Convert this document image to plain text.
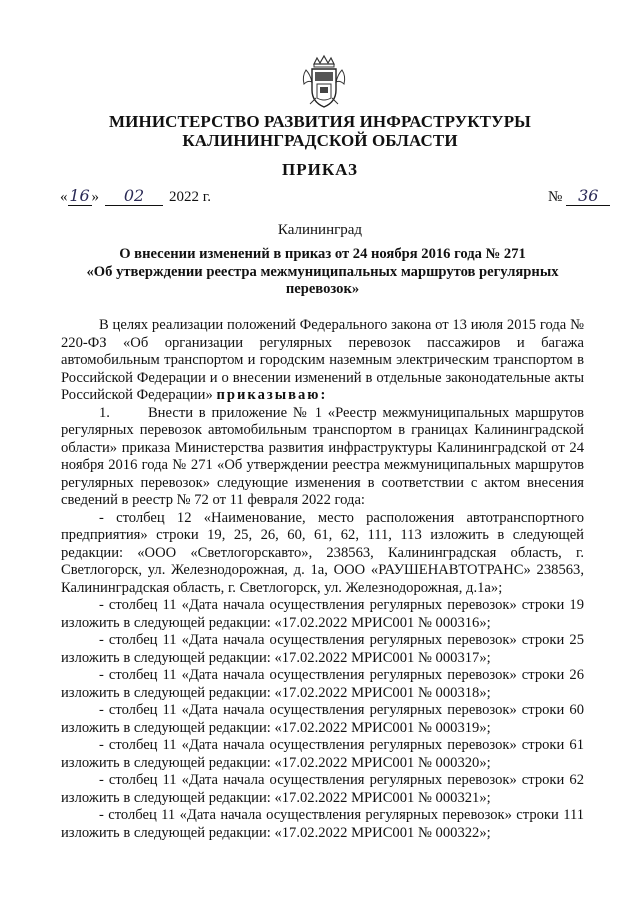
МИНИСТЕРСТВО РАЗВИТИЯ ИНФРАСТРУКТУРЫ
КАЛИНИНГРАДСКОЙ ОБЛАСТИ
ПРИКАЗ
« 16 » 02 2022 г.	№ 36
Калининград
О внесении изменений в приказ от 24 ноября 2016 года № 271
«Об утверждении реестра межмуниципальных маршрутов регулярных
перевозок»

В целях реализации положений Федерального закона от 13 июля 2015 года № 220-ФЗ «Об организации регулярных перевозок пассажиров и багажа автомобильным транспортом и городским наземным электрическим транспортом в Российской Федерации и о внесении изменений в отдельные законодательные акты Российской Федерации» приказываю:

1.	Внести в приложение № 1 «Реестр межмуниципальных маршрутов регулярных перевозок автомобильным транспортом в границах Калининградской области» приказа Министерства развития инфраструктуры Калининградской от 24 ноября 2016 года № 271 «Об утверждении реестра межмуниципальных маршрутов регулярных перевозок» следующие изменения в соответствии с актом внесения сведений в реестр № 72 от 11 февраля 2022 года:

- столбец 12 «Наименование, место расположения автотранспортного предприятия» строки 19, 25, 26, 60, 61, 62, 111, 113 изложить в следующей редакции: «ООО «Светлогорскавто», 238563, Калининградская область, г. Светлогорск, ул. Железнодорожная, д. 1а, ООО «РАУШЕНАВТОТРАНС» 238563, Калининградская область, г. Светлогорск, ул. Железнодорожная, д.1а»;

- столбец 11 «Дата начала осуществления регулярных перевозок» строки 19 изложить в следующей редакции: «17.02.2022 МРИС001 № 000316»;

- столбец 11 «Дата начала осуществления регулярных перевозок» строки 25 изложить в следующей редакции: «17.02.2022 МРИС001 № 000317»;

- столбец 11 «Дата начала осуществления регулярных перевозок» строки 26 изложить в следующей редакции: «17.02.2022 МРИС001 № 000318»;

- столбец 11 «Дата начала осуществления регулярных перевозок» строки 60 изложить в следующей редакции: «17.02.2022 МРИС001 № 000319»;

- столбец 11 «Дата начала осуществления регулярных перевозок» строки 61 изложить в следующей редакции: «17.02.2022 МРИС001 № 000320»;

- столбец 11 «Дата начала осуществления регулярных перевозок» строки 62 изложить в следующей редакции: «17.02.2022 МРИС001 № 000321»;

- столбец 11 «Дата начала осуществления регулярных перевозок» строки 111 изложить в следующей редакции: «17.02.2022 МРИС001 № 000322»;
